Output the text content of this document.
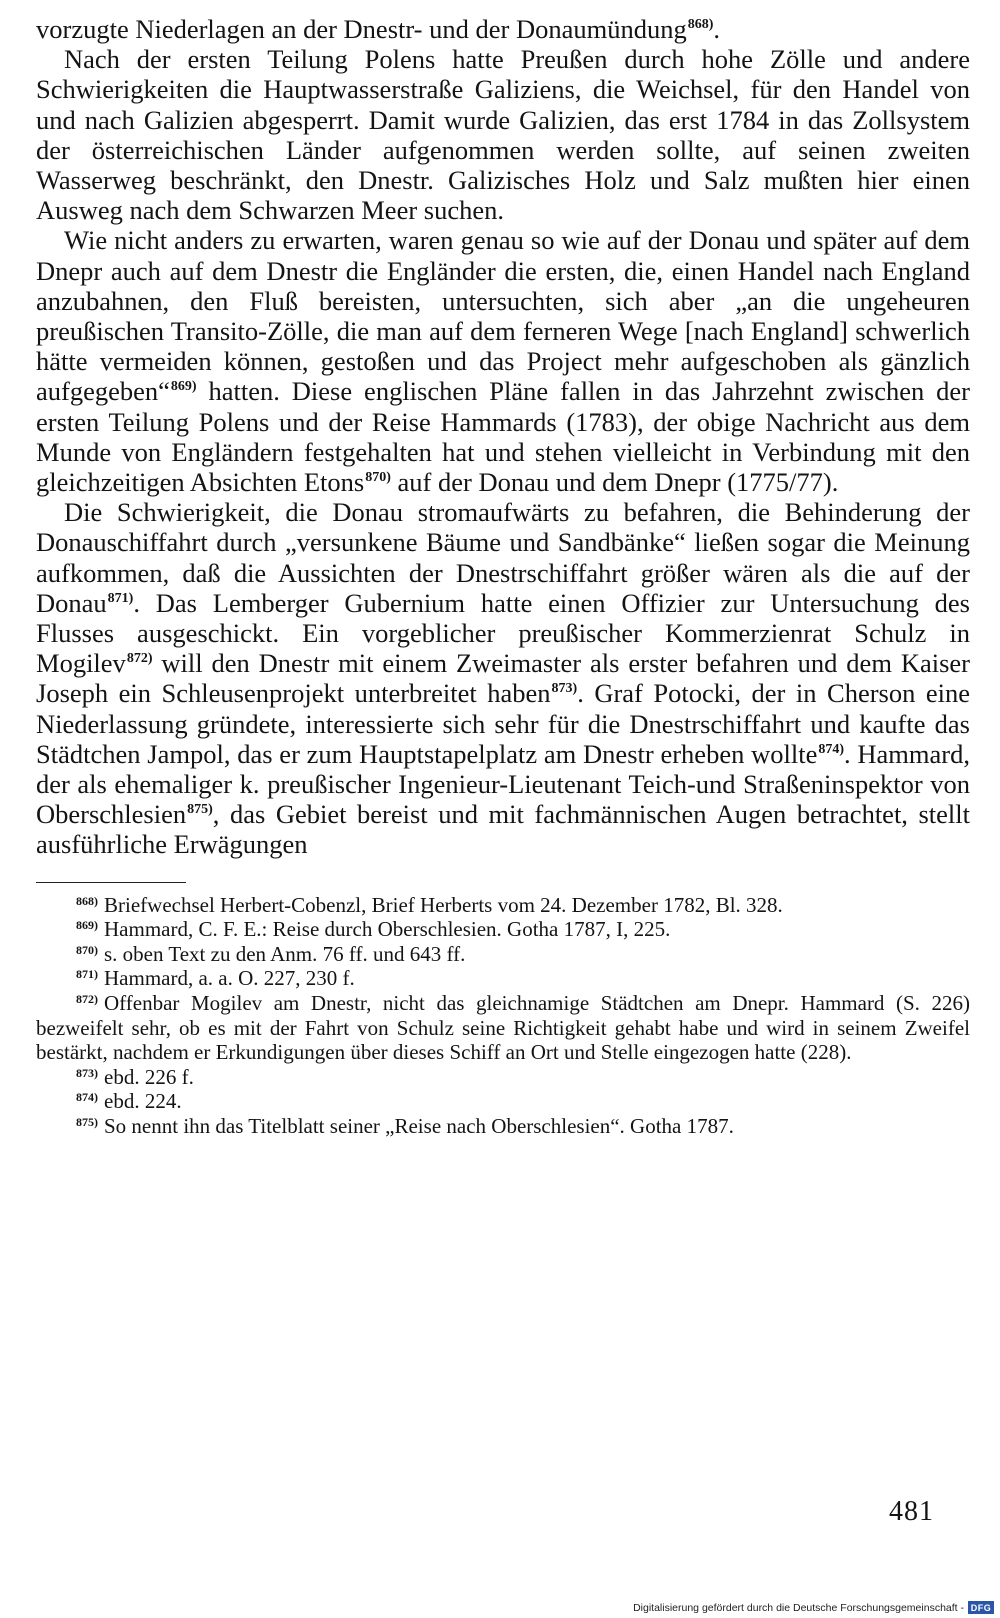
vorzugte Niederlagen an der Dnestr- und der Donaumündung$^{868)}$.

Nach der ersten Teilung Polens hatte Preußen durch hohe Zölle und andere Schwierigkeiten die Hauptwasserstraße Galiziens, die Weichsel, für den Handel von und nach Galizien abgesperrt. Damit wurde Galizien, das erst 1784 in das Zollsystem der österreichischen Länder aufgenommen werden sollte, auf seinen zweiten Wasserweg beschränkt, den Dnestr. Galizisches Holz und Salz mußten hier einen Ausweg nach dem Schwarzen Meer suchen.

Wie nicht anders zu erwarten, waren genau so wie auf der Donau und später auf dem Dnepr auch auf dem Dnestr die Engländer die ersten, die, einen Handel nach England anzubahnen, den Fluß bereisten, untersuchten, sich aber „an die ungeheuren preußischen Transito-Zölle, die man auf dem ferneren Wege [nach England] schwerlich hätte vermeiden können, gestoßen und das Project mehr aufgeschoben als gänzlich aufgegeben“$^{869)}$ hatten. Diese englischen Pläne fallen in das Jahrzehnt zwischen der ersten Teilung Polens und der Reise Hammards (1783), der obige Nachricht aus dem Munde von Engländern festgehalten hat und stehen vielleicht in Verbindung mit den gleichzeitigen Absichten Etons$^{870)}$ auf der Donau und dem Dnepr (1775/77).

Die Schwierigkeit, die Donau stromaufwärts zu befahren, die Behinderung der Donauschiffahrt durch „versunkene Bäume und Sandbänke“ ließen sogar die Meinung aufkommen, daß die Aussichten der Dnestrschiffahrt größer wären als die auf der Donau$^{871)}$. Das Lemberger Gubernium hatte einen Offizier zur Untersuchung des Flusses ausgeschickt. Ein vorgeblicher preußischer Kommerzienrat Schulz in Mogilev$^{872)}$ will den Dnestr mit einem Zweimaster als erster befahren und dem Kaiser Joseph ein Schleusenprojekt unterbreitet haben$^{873)}$. Graf Potocki, der in Cherson eine Niederlassung gründete, interessierte sich sehr für die Dnestrschiffahrt und kaufte das Städtchen Jampol, das er zum Hauptstapelplatz am Dnestr erheben wollte$^{874)}$. Hammard, der als ehemaliger k. preußischer Ingenieur-Lieutenant Teich-und Straßeninspektor von Oberschlesien$^{875)}$, das Gebiet bereist und mit fachmännischen Augen betrachtet, stellt ausführliche Erwägungen

$^{868)}$ Briefwechsel Herbert-Cobenzl, Brief Herberts vom 24. Dezember 1782, Bl. 328.

$^{869)}$ Hammard, C. F. E.: Reise durch Oberschlesien. Gotha 1787, I, 225.

$^{870)}$ s. oben Text zu den Anm. 76 ff. und 643 ff.

$^{871)}$ Hammard, a. a. O. 227, 230 f.

$^{872)}$ Offenbar Mogilev am Dnestr, nicht das gleichnamige Städtchen am Dnepr. Hammard (S. 226) bezweifelt sehr, ob es mit der Fahrt von Schulz seine Richtigkeit gehabt habe und wird in seinem Zweifel bestärkt, nachdem er Erkundigungen über dieses Schiff an Ort und Stelle eingezogen hatte (228).

$^{873)}$ ebd. 226 f.

$^{874)}$ ebd. 224.

$^{875)}$ So nennt ihn das Titelblatt seiner „Reise nach Oberschlesien“. Gotha 1787.

481
Digitalisierung gefördert durch die Deutsche Forschungsgemeinschaft - DFG
